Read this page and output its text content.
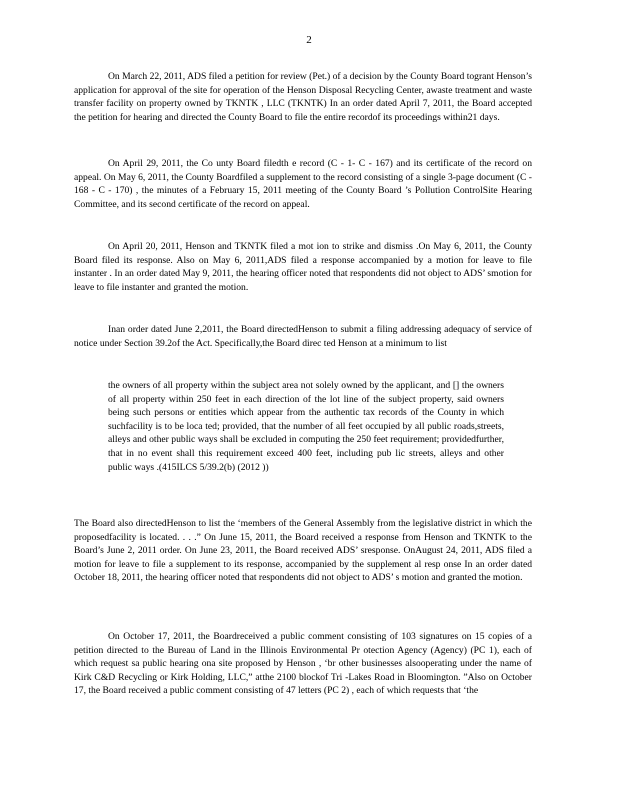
2

On March 22, 2011, ADS filed a petition for review (Pet.) of a decision by the County Board togrant Henson’s application for approval of the site for operation of the Henson Disposal Recycling Center, awaste treatment and waste transfer facility on property owned by TKNTK , LLC (TKNTK) In an order dated April 7, 2011, the Board accepted the petition for hearing and directed the County Board to file the entire recordof its proceedings within21 days.

On April 29, 2011, the Co unty Board filedth e record (C - 1- C - 167) and its certificate of the record on appeal. On May 6, 2011, the County Boardfiled a supplement to the record consisting of a single 3-page document (C - 168 - C - 170) , the minutes of a February 15, 2011 meeting of the County Board ’s Pollution ControlSite Hearing Committee, and its second certificate of the record on appeal.

On April 20, 2011, Henson and TKNTK filed a mot ion to strike and dismiss .On May 6, 2011, the County Board filed its response. Also on May 6, 2011,ADS filed a response accompanied by a motion for leave to file instanter . In an order dated May 9, 2011, the hearing officer noted that respondents did not object to ADS’ smotion for leave to file instanter and granted the motion.

Inan order dated June 2,2011, the Board directedHenson to submit a filing addressing adequacy of service of notice under Section 39.2of the Act. Specifically,the Board direc ted Henson at a minimum to list

the owners of all property within the subject area not solely owned by the applicant, and [] the owners of all property within 250 feet in each direction of the lot line of the subject property, said owners being such persons or entities which appear from the authentic tax records of the County in which suchfacility is to be loca ted; provided, that the number of all feet occupied by all public roads,streets, alleys and other public ways shall be excluded in computing the 250 feet requirement; providedfurther, that in no event shall this requirement exceed 400 feet, including pub lic streets, alleys and other public ways .(415ILCS 5/39.2(b) (2012 ))

The Board also directedHenson to list the ‘members of the General Assembly from the legislative district in which the proposedfacility is located. . . .” On June 15, 2011, the Board received a response from Henson and TKNTK to the Board’s June 2, 2011 order. On June 23, 2011, the Board received ADS’ sresponse. OnAugust 24, 2011, ADS filed a motion for leave to file a supplement to its response, accompanied by the supplement al resp onse In an order dated October 18, 2011, the hearing officer noted that respondents did not object to ADS’ s motion and granted the motion.

On October 17, 2011, the Boardreceived a public comment consisting of 103 signatures on 15 copies of a petition directed to the Bureau of Land in the Illinois Environmental Pr otection Agency (Agency) (PC 1), each of which request sa public hearing ona site proposed by Henson , ‘br other businesses alsooperating under the name of Kirk C&D Recycling or Kirk Holding, LLC,” atthe 2100 blockof Tri -Lakes Road in Bloomington. ”Also on October 17, the Board received a public comment consisting of 47 letters (PC 2) , each of which requests that ‘the
